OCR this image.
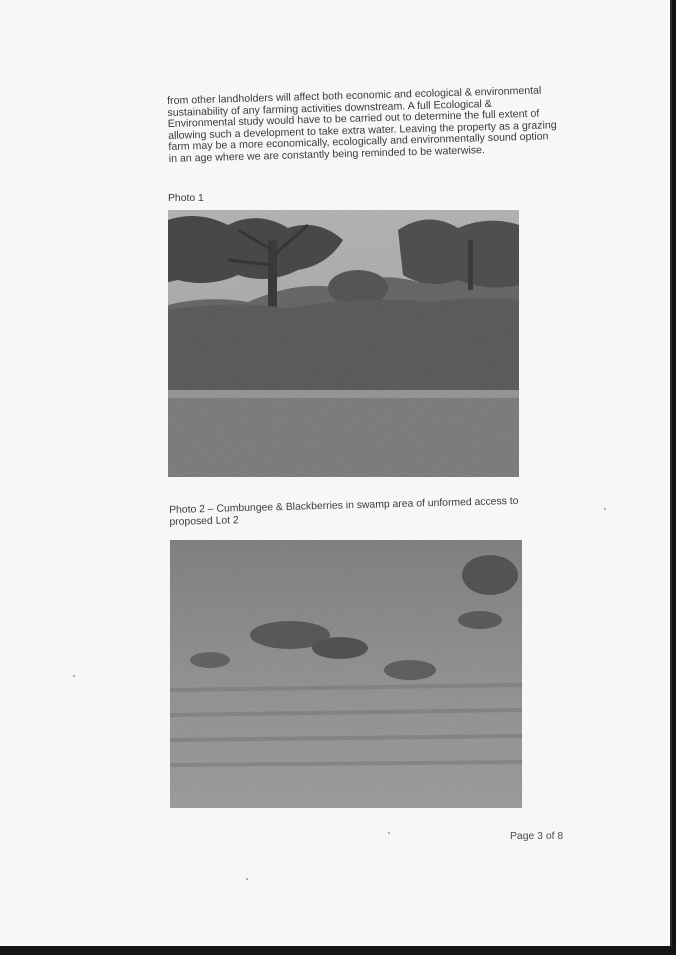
from other landholders will affect both economic and ecological & environmental sustainability of any farming activities downstream. A full Ecological & Environmental study would have to be carried out to determine the full extent of allowing such a development to take extra water. Leaving the property as a grazing farm may be a more economically, ecologically and environmentally sound option in an age where we are constantly being reminded to be waterwise.

Photo 1

Photo 2 – Cumbungee & Blackberries in swamp area of unformed access to proposed Lot 2

Page 3 of 8
